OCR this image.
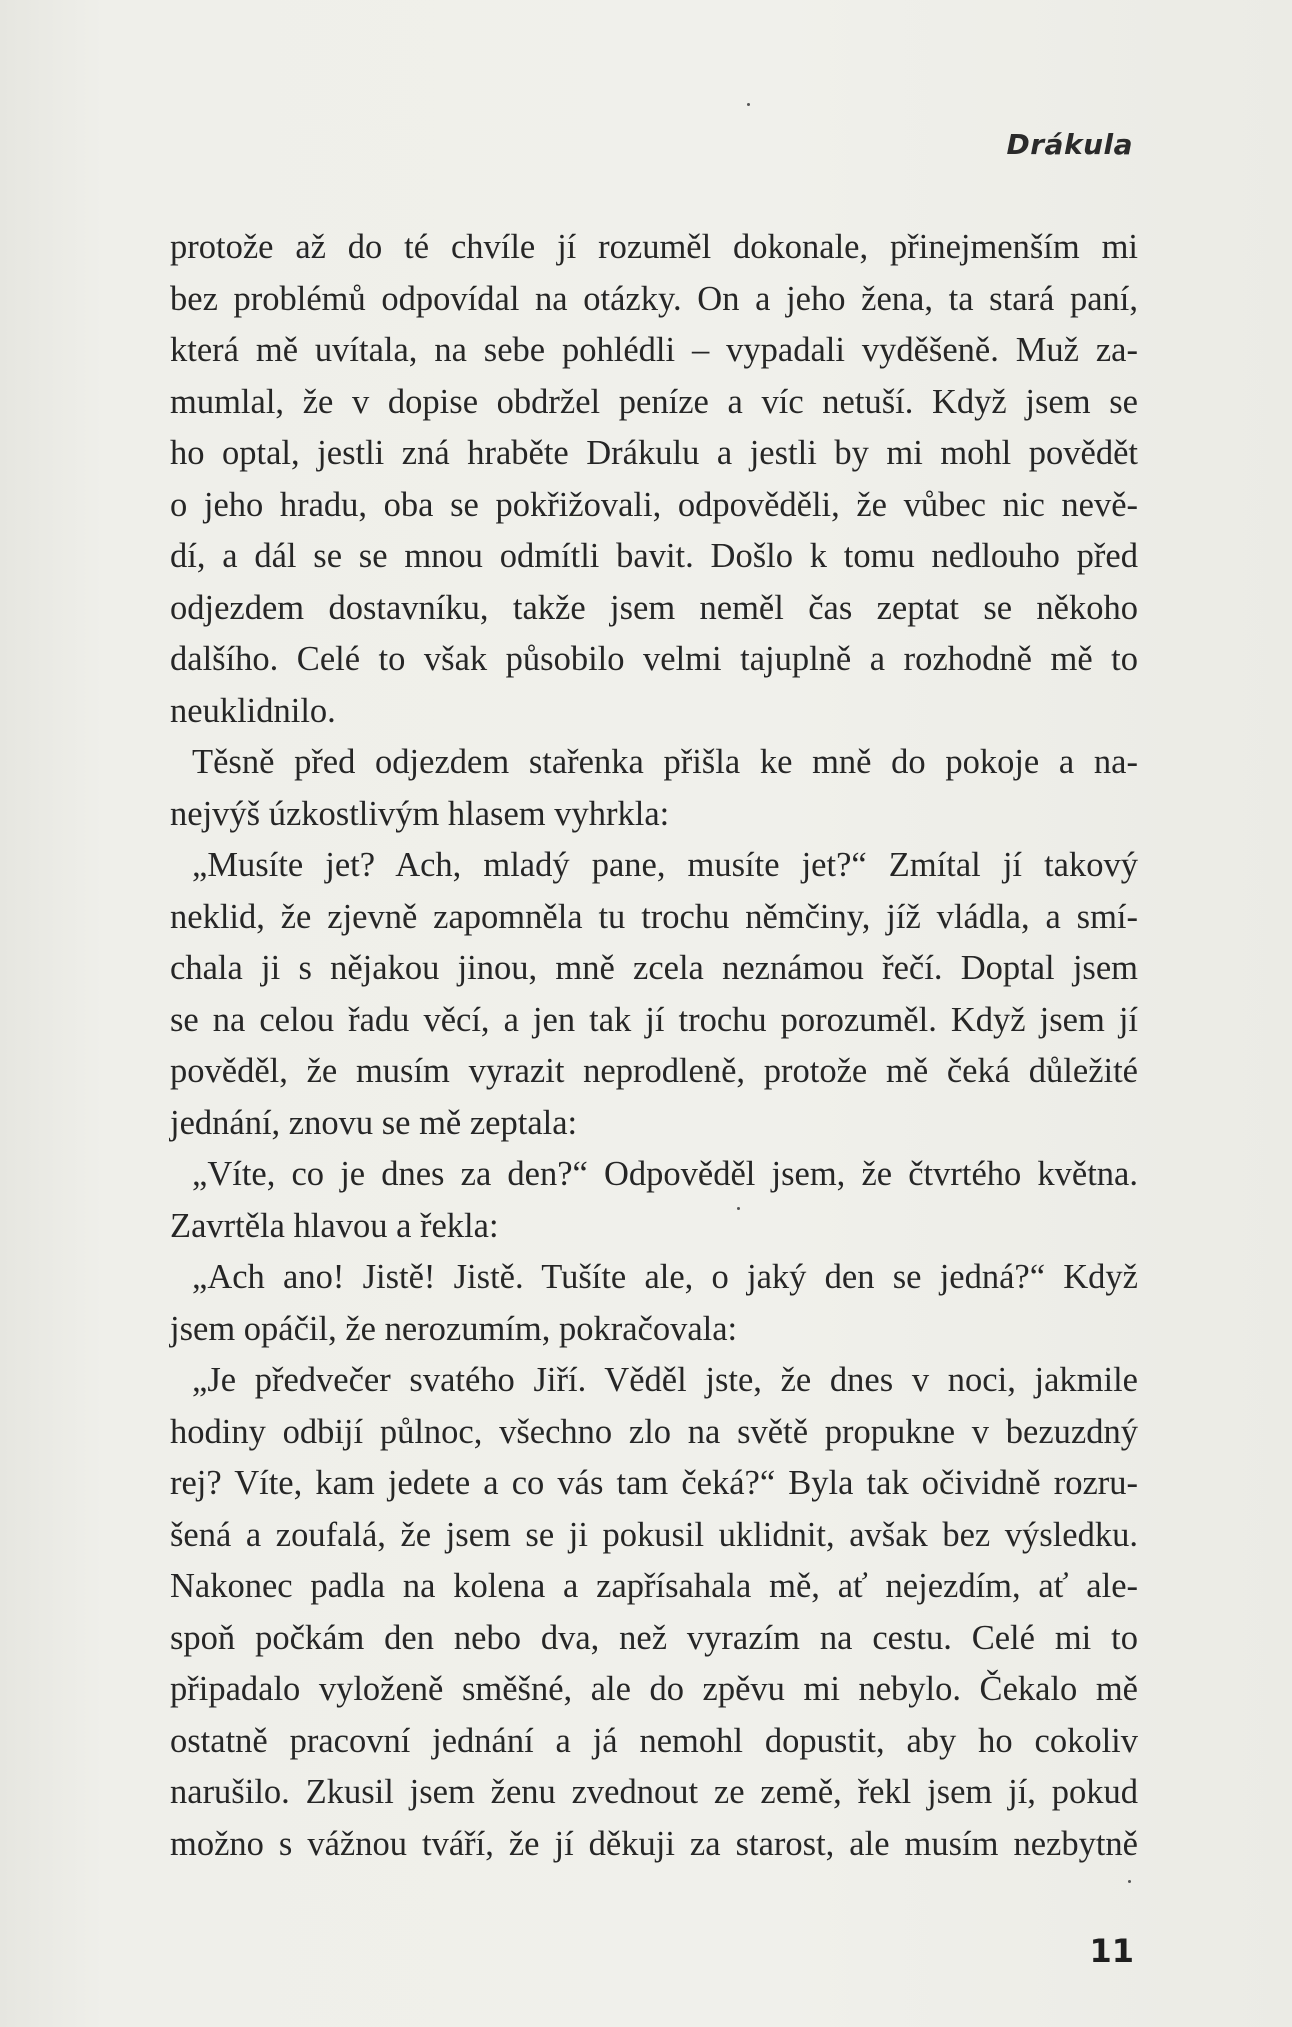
Drákula

protože až do té chvíle jí rozuměl dokonale, přinejmenším mi

bez problémů odpovídal na otázky. On a jeho žena, ta stará paní,

která mě uvítala, na sebe pohlédli – vypadali vyděšeně. Muž za-

mumlal, že v dopise obdržel peníze a víc netuší. Když jsem se

ho optal, jestli zná hraběte Drákulu a jestli by mi mohl povědět

o jeho hradu, oba se pokřižovali, odpověděli, že vůbec nic nevě-

dí, a dál se se mnou odmítli bavit. Došlo k tomu nedlouho před

odjezdem dostavníku, takže jsem neměl čas zeptat se někoho

dalšího. Celé to však působilo velmi tajuplně a rozhodně mě to

neuklidnilo.

Těsně před odjezdem stařenka přišla ke mně do pokoje a na-

nejvýš úzkostlivým hlasem vyhrkla:

„Musíte jet? Ach, mladý pane, musíte jet?“ Zmítal jí takový

neklid, že zjevně zapomněla tu trochu němčiny, jíž vládla, a smí-

chala ji s nějakou jinou, mně zcela neznámou řečí. Doptal jsem

se na celou řadu věcí, a jen tak jí trochu porozuměl. Když jsem jí

pověděl, že musím vyrazit neprodleně, protože mě čeká důležité

jednání, znovu se mě zeptala:

„Víte, co je dnes za den?“ Odpověděl jsem, že čtvrtého května.

Zavrtěla hlavou a řekla:

„Ach ano! Jistě! Jistě. Tušíte ale, o jaký den se jedná?“ Když

jsem opáčil, že nerozumím, pokračovala:

„Je předvečer svatého Jiří. Věděl jste, že dnes v noci, jakmile

hodiny odbijí půlnoc, všechno zlo na světě propukne v bezuzdný

rej? Víte, kam jedete a co vás tam čeká?“ Byla tak očividně rozru-

šená a zoufalá, že jsem se ji pokusil uklidnit, avšak bez výsledku.

Nakonec padla na kolena a zapřísahala mě, ať nejezdím, ať ale-

spoň počkám den nebo dva, než vyrazím na cestu. Celé mi to

připadalo vyloženě směšné, ale do zpěvu mi nebylo. Čekalo mě

ostatně pracovní jednání a já nemohl dopustit, aby ho cokoliv

narušilo. Zkusil jsem ženu zvednout ze země, řekl jsem jí, pokud

možno s vážnou tváří, že jí děkuji za starost, ale musím nezbytně

11
